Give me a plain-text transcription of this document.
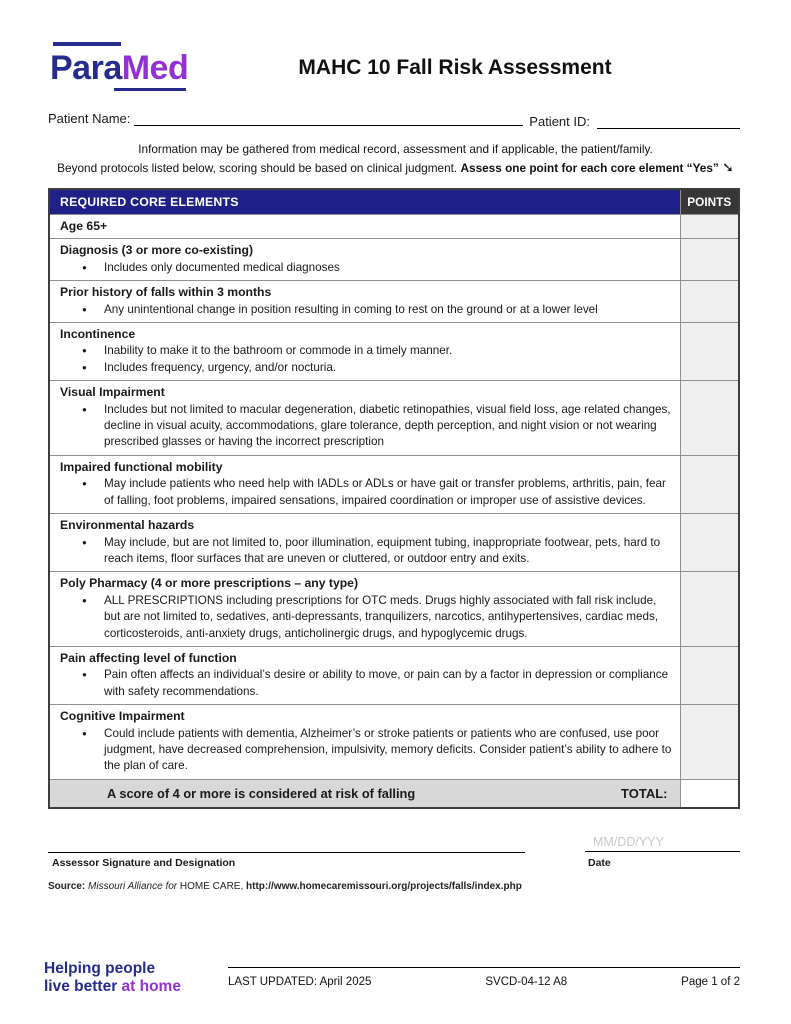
ParaMed	MAHC 10 Fall Risk Assessment
Patient Name:	Patient ID:
Information may be gathered from medical record, assessment and if applicable, the patient/family.
Beyond protocols listed below, scoring should be based on clinical judgment. Assess one point for each core element “Yes” ➘
REQUIRED CORE ELEMENTS	POINTS

Age 65+	

Diagnosis (3 or more co-existing)
● Includes only documented medical diagnoses

Prior history of falls within 3 months
● Any unintentional change in position resulting in coming to rest on the ground or at a lower level

Incontinence
● Inability to make it to the bathroom or commode in a timely manner.
● Includes frequency, urgency, and/or nocturia.

Visual Impairment
● Includes but not limited to macular degeneration, diabetic retinopathies, visual field loss, age related changes, decline in visual acuity, accommodations, glare tolerance, depth perception, and night vision or not wearing prescribed glasses or having the incorrect prescription

Impaired functional mobility
● May include patients who need help with IADLs or ADLs or have gait or transfer problems, arthritis, pain, fear of falling, foot problems, impaired sensations, impaired coordination or improper use of assistive devices.

Environmental hazards
● May include, but are not limited to, poor illumination, equipment tubing, inappropriate footwear, pets, hard to reach items, floor surfaces that are uneven or cluttered, or outdoor entry and exits.

Poly Pharmacy (4 or more prescriptions – any type)
● ALL PRESCRIPTIONS including prescriptions for OTC meds. Drugs highly associated with fall risk include, but are not limited to, sedatives, anti-depressants, tranquilizers, narcotics, antihypertensives, cardiac meds, corticosteroids, anti-anxiety drugs, anticholinergic drugs, and hypoglycemic drugs.

Pain affecting level of function
● Pain often affects an individual’s desire or ability to move, or pain can by a factor in depression or compliance with safety recommendations.

Cognitive Impairment
● Could include patients with dementia, Alzheimer’s or stroke patients or patients who are confused, use poor judgment, have decreased comprehension, impulsivity, memory deficits. Consider patient’s ability to adhere to the plan of care.

A score of 4 or more is considered at risk of falling TOTAL:	

Assessor Signature and Designation
MM/DD/YYY
Date
Source: Missouri Alliance for HOME CARE, http://www.homecaremissouri.org/projects/falls/index.php
Helping people
live better at home	LAST UPDATED: April 2025	SVCD-04-12 A8	Page 1 of 2
